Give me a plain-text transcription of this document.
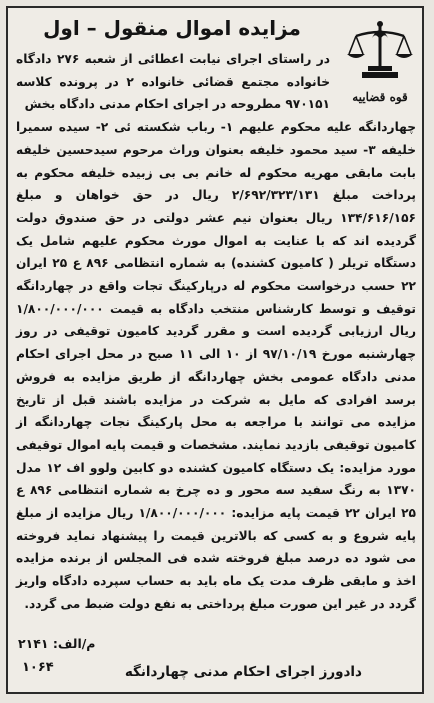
قوه قضاییه
مزایده اموال منقول – اول

در راستای اجرای نیابت اعطائی از شعبه ۲۷۶ دادگاه خانواده مجتمع قضائی خانواده ۲ در پرونده کلاسه ۹۷۰۱۵۱ مطروحه در اجرای احکام مدنی دادگاه بخش

چهاردانگه علیه محکوم علیهم ۱- رباب شکسته ئی ۲- سیده سمیرا خلیفه ۳- سید محمود خلیفه بعنوان وراث مرحوم سیدحسین خلیفه بابت مابقی مهریه محکوم له خانم بی بی زبیده خلیفه محکوم به پرداخت مبلغ ۲/۶۹۲/۳۲۳/۱۳۱ ریال در حق خواهان و مبلغ ۱۳۴/۶۱۶/۱۵۶ ریال بعنوان نیم عشر دولتی در حق صندوق دولت گردیده اند که با عنایت به اموال مورث محکوم علیهم شامل یک دستگاه تریلر ( کامیون کشنده) به شماره انتظامی ۸۹۶ ع ۲۵ ایران ۲۲ حسب درخواست محکوم له درپارکینگ تجات واقع در چهاردانگه توقیف و توسط کارشناس منتخب دادگاه به قیمت ۱/۸۰۰/۰۰۰/۰۰۰ ریال ارزیابی گردیده است و مقرر گردید کامیون توقیفی در روز چهارشنبه مورخ ۹۷/۱۰/۱۹ از ۱۰ الی ۱۱ صبح در محل اجرای احکام مدنی دادگاه عمومی بخش چهاردانگه از طریق مزایده به فروش برسد افرادی که مایل به شرکت در مزایده باشند قبل از تاریخ مزایده می توانند با مراجعه به محل پارکینگ نجات چهاردانگه از کامیون توقیفی بازدید نمایند. مشخصات و قیمت پایه اموال توقیفی مورد مزایده: یک دستگاه کامیون کشنده دو کابین ولوو اف ۱۲ مدل ۱۳۷۰ به رنگ سفید سه محور و ده چرخ به شماره انتظامی ۸۹۶ ع ۲۵ ایران ۲۲ قیمت پایه مزایده: ۱/۸۰۰/۰۰۰/۰۰۰ ریال مزایده از مبلغ پایه شروع و به کسی که بالاترین قیمت را پیشنهاد نماید فروخته می شود ده درصد مبلغ فروخته شده فی المجلس از برنده مزایده اخذ و مابقی ظرف مدت یک ماه باید به حساب سپرده دادگاه واریز گردد در غیر این صورت مبلغ پرداختی به نفع دولت ضبط می گردد.

م/الف: ۲۱۴۱
۱۰۶۴	دادورز اجرای احکام مدنی چهاردانگه
